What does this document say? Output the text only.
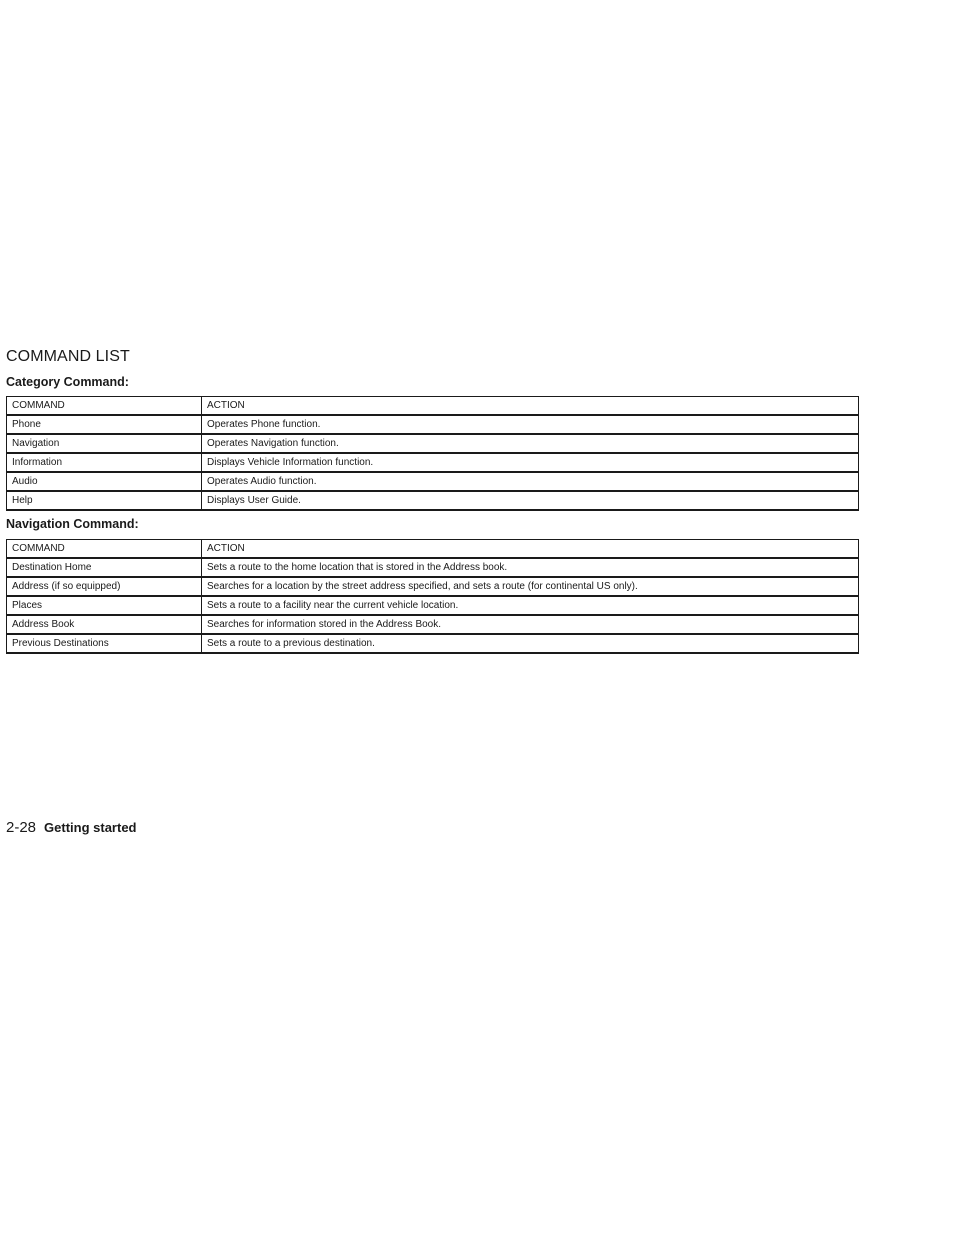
COMMAND LIST
Category Command:
COMMAND	ACTION
Phone	Operates Phone function.
Navigation	Operates Navigation function.
Information	Displays Vehicle Information function.
Audio	Operates Audio function.
Help	Displays User Guide.
Navigation Command:
COMMAND	ACTION
Destination Home	Sets a route to the home location that is stored in the Address book.
Address (if so equipped)	Searches for a location by the street address specified, and sets a route (for continental US only).
Places	Sets a route to a facility near the current vehicle location.
Address Book	Searches for information stored in the Address Book.
Previous Destinations	Sets a route to a previous destination.
2-28 Getting started
